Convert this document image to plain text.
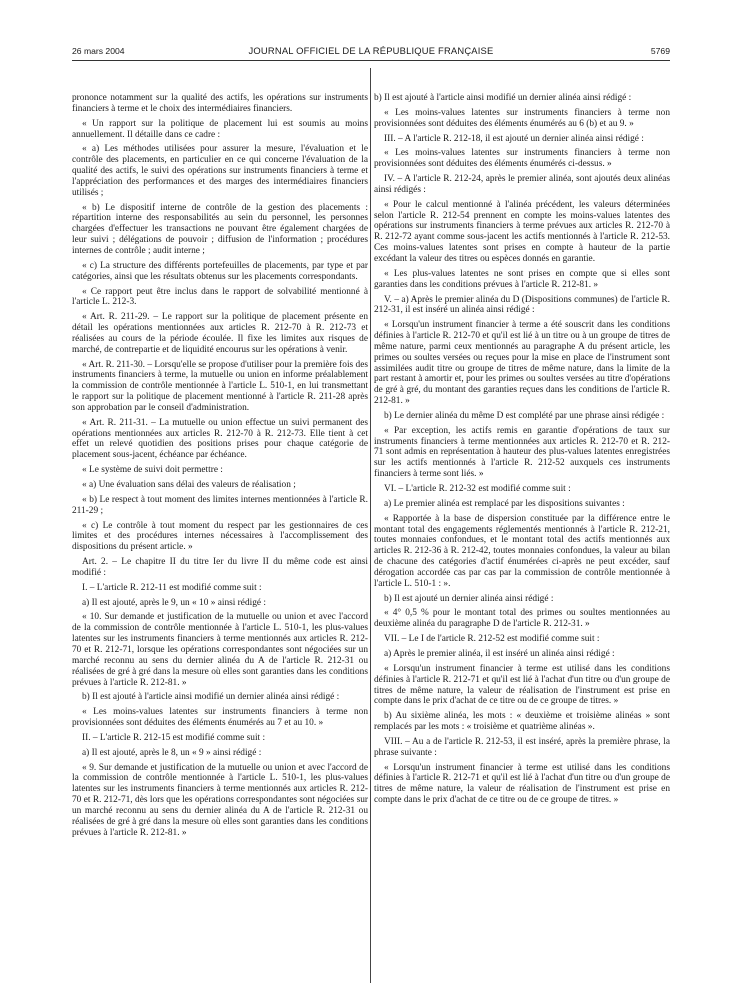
26 mars 2004	JOURNAL OFFICIEL DE LA RÉPUBLIQUE FRANÇAISE	5769

prononce notamment sur la qualité des actifs, les opérations sur instruments financiers à terme et le choix des intermédiaires financiers.

« Un rapport sur la politique de placement lui est soumis au moins annuellement. Il détaille dans ce cadre :

« a) Les méthodes utilisées pour assurer la mesure, l'évaluation et le contrôle des placements, en particulier en ce qui concerne l'évaluation de la qualité des actifs, le suivi des opérations sur instruments financiers à terme et l'appréciation des performances et des marges des intermédiaires financiers utilisés ;

« b) Le dispositif interne de contrôle de la gestion des placements : répartition interne des responsabilités au sein du personnel, les personnes chargées d'effectuer les transactions ne pouvant être également chargées de leur suivi ; délégations de pouvoir ; diffusion de l'information ; procédures internes de contrôle ; audit interne ;

« c) La structure des différents portefeuilles de placements, par type et par catégories, ainsi que les résultats obtenus sur les placements correspondants.

« Ce rapport peut être inclus dans le rapport de solvabilité mentionné à l'article L. 212-3.

« Art. R. 211-29. – Le rapport sur la politique de placement présente en détail les opérations mentionnées aux articles R. 212-70 à R. 212-73 et réalisées au cours de la période écoulée. Il fixe les limites aux risques de marché, de contrepartie et de liquidité encourus sur les opérations à venir.

« Art. R. 211-30. – Lorsqu'elle se propose d'utiliser pour la première fois des instruments financiers à terme, la mutuelle ou union en informe préalablement la commission de contrôle mentionnée à l'article L. 510-1, en lui transmettant le rapport sur la politique de placement mentionné à l'article R. 211-28 après son approbation par le conseil d'administration.

« Art. R. 211-31. – La mutuelle ou union effectue un suivi permanent des opérations mentionnées aux articles R. 212-70 à R. 212-73. Elle tient à cet effet un relevé quotidien des positions prises pour chaque catégorie de placement sous-jacent, échéance par échéance.

« Le système de suivi doit permettre :

« a) Une évaluation sans délai des valeurs de réalisation ;

« b) Le respect à tout moment des limites internes mentionnées à l'article R. 211-29 ;

« c) Le contrôle à tout moment du respect par les gestionnaires de ces limites et des procédures internes nécessaires à l'accomplissement des dispositions du présent article. »

Art. 2. – Le chapitre II du titre Ier du livre II du même code est ainsi modifié :

I. – L'article R. 212-11 est modifié comme suit :

a) Il est ajouté, après le 9, un « 10 » ainsi rédigé :

« 10. Sur demande et justification de la mutuelle ou union et avec l'accord de la commission de contrôle mentionnée à l'article L. 510-1, les plus-values latentes sur les instruments financiers à terme mentionnés aux articles R. 212-70 et R. 212-71, lorsque les opérations correspondantes sont négociées sur un marché reconnu au sens du dernier alinéa du A de l'article R. 212-31 ou réalisées de gré à gré dans la mesure où elles sont garanties dans les conditions prévues à l'article R. 212-81. »

b) Il est ajouté à l'article ainsi modifié un dernier alinéa ainsi rédigé :

« Les moins-values latentes sur instruments financiers à terme non provisionnées sont déduites des éléments énumérés au 7 et au 10. »

II. – L'article R. 212-15 est modifié comme suit :

a) Il est ajouté, après le 8, un « 9 » ainsi rédigé :

« 9. Sur demande et justification de la mutuelle ou union et avec l'accord de la commission de contrôle mentionnée à l'article L. 510-1, les plus-values latentes sur les instruments financiers à terme mentionnés aux articles R. 212-70 et R. 212-71, dès lors que les opérations correspondantes sont négociées sur un marché reconnu au sens du dernier alinéa du A de l'article R. 212-31 ou réalisées de gré à gré dans la mesure où elles sont garanties dans les conditions prévues à l'article R. 212-81. »

b) Il est ajouté à l'article ainsi modifié un dernier alinéa ainsi rédigé :

« Les moins-values latentes sur instruments financiers à terme non provisionnées sont déduites des éléments énumérés au 6 (b) et au 9. »

III. – A l'article R. 212-18, il est ajouté un dernier alinéa ainsi rédigé :

« Les moins-values latentes sur instruments financiers à terme non provisionnées sont déduites des éléments énumérés ci-dessus. »

IV. – A l'article R. 212-24, après le premier alinéa, sont ajoutés deux alinéas ainsi rédigés :

« Pour le calcul mentionné à l'alinéa précédent, les valeurs déterminées selon l'article R. 212-54 prennent en compte les moins-values latentes des opérations sur instruments financiers à terme prévues aux articles R. 212-70 à R. 212-72 ayant comme sous-jacent les actifs mentionnés à l'article R. 212-53. Ces moins-values latentes sont prises en compte à hauteur de la partie excédant la valeur des titres ou espèces donnés en garantie.

« Les plus-values latentes ne sont prises en compte que si elles sont garanties dans les conditions prévues à l'article R. 212-81. »

V. – a) Après le premier alinéa du D (Dispositions communes) de l'article R. 212-31, il est inséré un alinéa ainsi rédigé :

« Lorsqu'un instrument financier à terme a été souscrit dans les conditions définies à l'article R. 212-70 et qu'il est lié à un titre ou à un groupe de titres de même nature, parmi ceux mentionnés au paragraphe A du présent article, les primes ou soultes versées ou reçues pour la mise en place de l'instrument sont assimilées audit titre ou groupe de titres de même nature, dans la limite de la part restant à amortir et, pour les primes ou soultes versées au titre d'opérations de gré à gré, du montant des garanties reçues dans les conditions de l'article R. 212-81. »

b) Le dernier alinéa du même D est complété par une phrase ainsi rédigée :

« Par exception, les actifs remis en garantie d'opérations de taux sur instruments financiers à terme mentionnées aux articles R. 212-70 et R. 212-71 sont admis en représentation à hauteur des plus-values latentes enregistrées sur les actifs mentionnés à l'article R. 212-52 auxquels ces instruments financiers à terme sont liés. »

VI. – L'article R. 212-32 est modifié comme suit :

a) Le premier alinéa est remplacé par les dispositions suivantes :

« Rapportée à la base de dispersion constituée par la différence entre le montant total des engagements réglementés mentionnés à l'article R. 212-21, toutes monnaies confondues, et le montant total des actifs mentionnés aux articles R. 212-36 à R. 212-42, toutes monnaies confondues, la valeur au bilan de chacune des catégories d'actif énumérées ci-après ne peut excéder, sauf dérogation accordée cas par cas par la commission de contrôle mentionnée à l'article L. 510-1 : ».

b) Il est ajouté un dernier alinéa ainsi rédigé :

« 4° 0,5 % pour le montant total des primes ou soultes mentionnées au deuxième alinéa du paragraphe D de l'article R. 212-31. »

VII. – Le I de l'article R. 212-52 est modifié comme suit :

a) Après le premier alinéa, il est inséré un alinéa ainsi rédigé :

« Lorsqu'un instrument financier à terme est utilisé dans les conditions définies à l'article R. 212-71 et qu'il est lié à l'achat d'un titre ou d'un groupe de titres de même nature, la valeur de réalisation de l'instrument est prise en compte dans le prix d'achat de ce titre ou de ce groupe de titres. »

b) Au sixième alinéa, les mots : « deuxième et troisième alinéas » sont remplacés par les mots : « troisième et quatrième alinéas ».

VIII. – Au a de l'article R. 212-53, il est inséré, après la première phrase, la phrase suivante :

« Lorsqu'un instrument financier à terme est utilisé dans les conditions définies à l'article R. 212-71 et qu'il est lié à l'achat d'un titre ou d'un groupe de titres de même nature, la valeur de réalisation de l'instrument est prise en compte dans le prix d'achat de ce titre ou de ce groupe de titres. »
